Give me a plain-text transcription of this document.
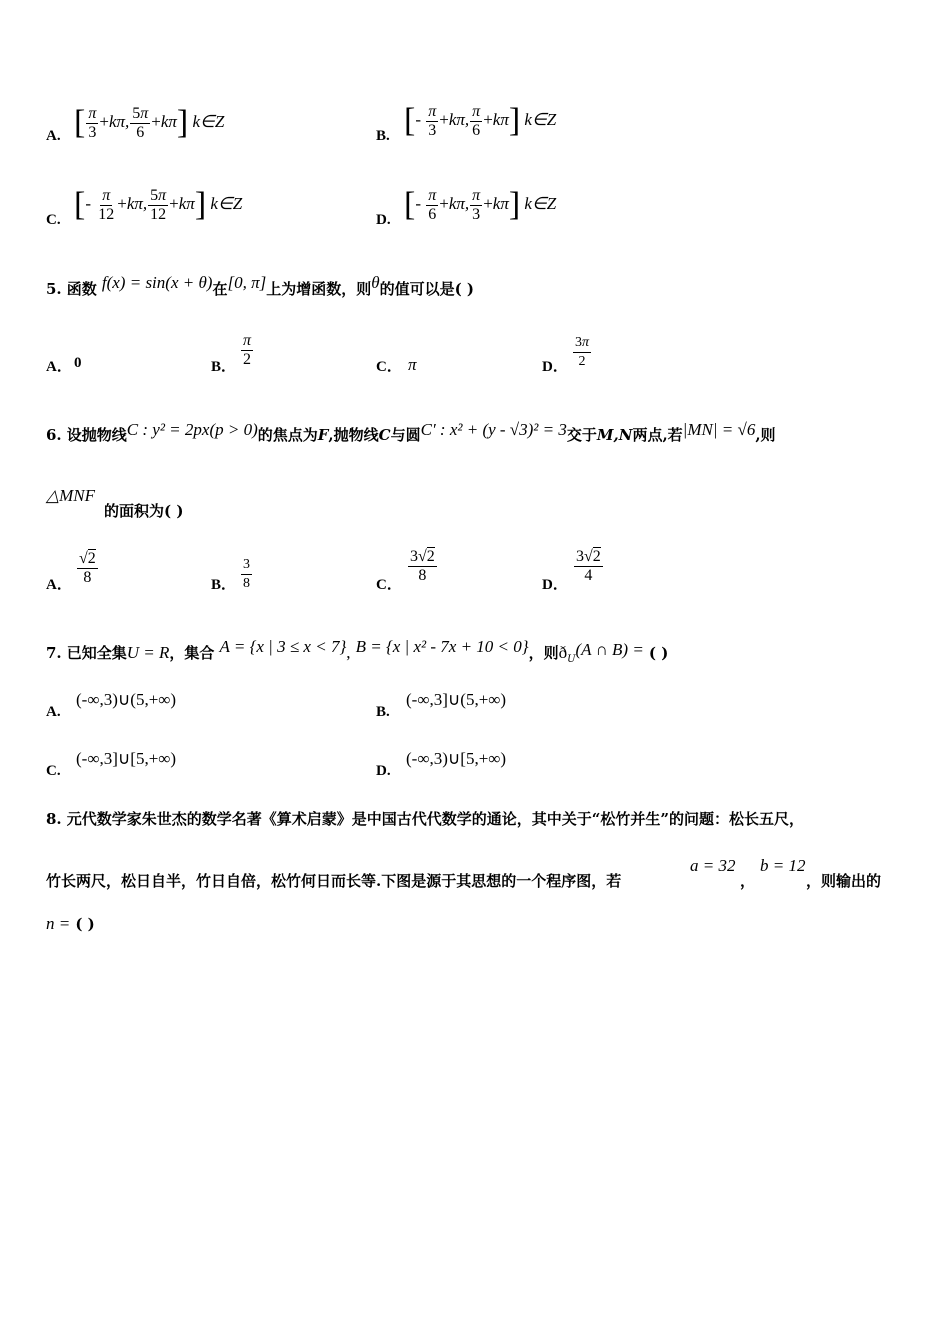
A. [ $\frac{\pi}{3} +k\pi$, $\frac{5\pi}{6} +k\pi$] k∈Z
B. [- $\frac{\pi}{3} +k\pi$, $\frac{\pi}{6} +k\pi$] k∈Z
C. [- $\frac{\pi}{12} +k\pi$, $\frac{5\pi}{12} +k\pi$] k∈Z
D. [- $\frac{\pi}{6} +k\pi$, $\frac{\pi}{3} +k\pi$] k∈Z
5. 函数 f(x) = sin(x + θ)在[0, π]上为增函数，则θ的值可以是( )
A． 0	B． $\frac{\pi}{2}$	C． π	D． $\frac{3\pi}{2}$
6. 设抛物线C : y² = 2px(p > 0)的焦点为F,抛物线C与圆C′ : x² + (y - √3)² = 3交于M,N两点,若|MN| = √6,则
△MNF
的面积为( )
A． $\frac{√2}{8}$	B． $\frac{3}{8}$	C． $\frac{3√2}{8}$	D． $\frac{3√2}{4}$
7. 已知全集U = R，集合 A = {x | 3 ≤ x < 7}, B = {x | x² - 7x + 10 < 0}，则$ð_U(A$ ∩ B) = ( )
A.
(-∞,3)∪(5,+∞)
B.
(-∞,3]∪(5,+∞)
C.
(-∞,3]∪[5,+∞)
D.
(-∞,3)∪[5,+∞)
8. 元代数学家朱世杰的数学名著《算术启蒙》是中国古代代数学的通论，其中关于“松竹并生”的问题：松长五尺，
竹长两尺，松日自半，竹日自倍，松竹何日而长等.下图是源于其思想的一个程序图，若
a = 32
，
b = 12
，则输出的
n = ( )
